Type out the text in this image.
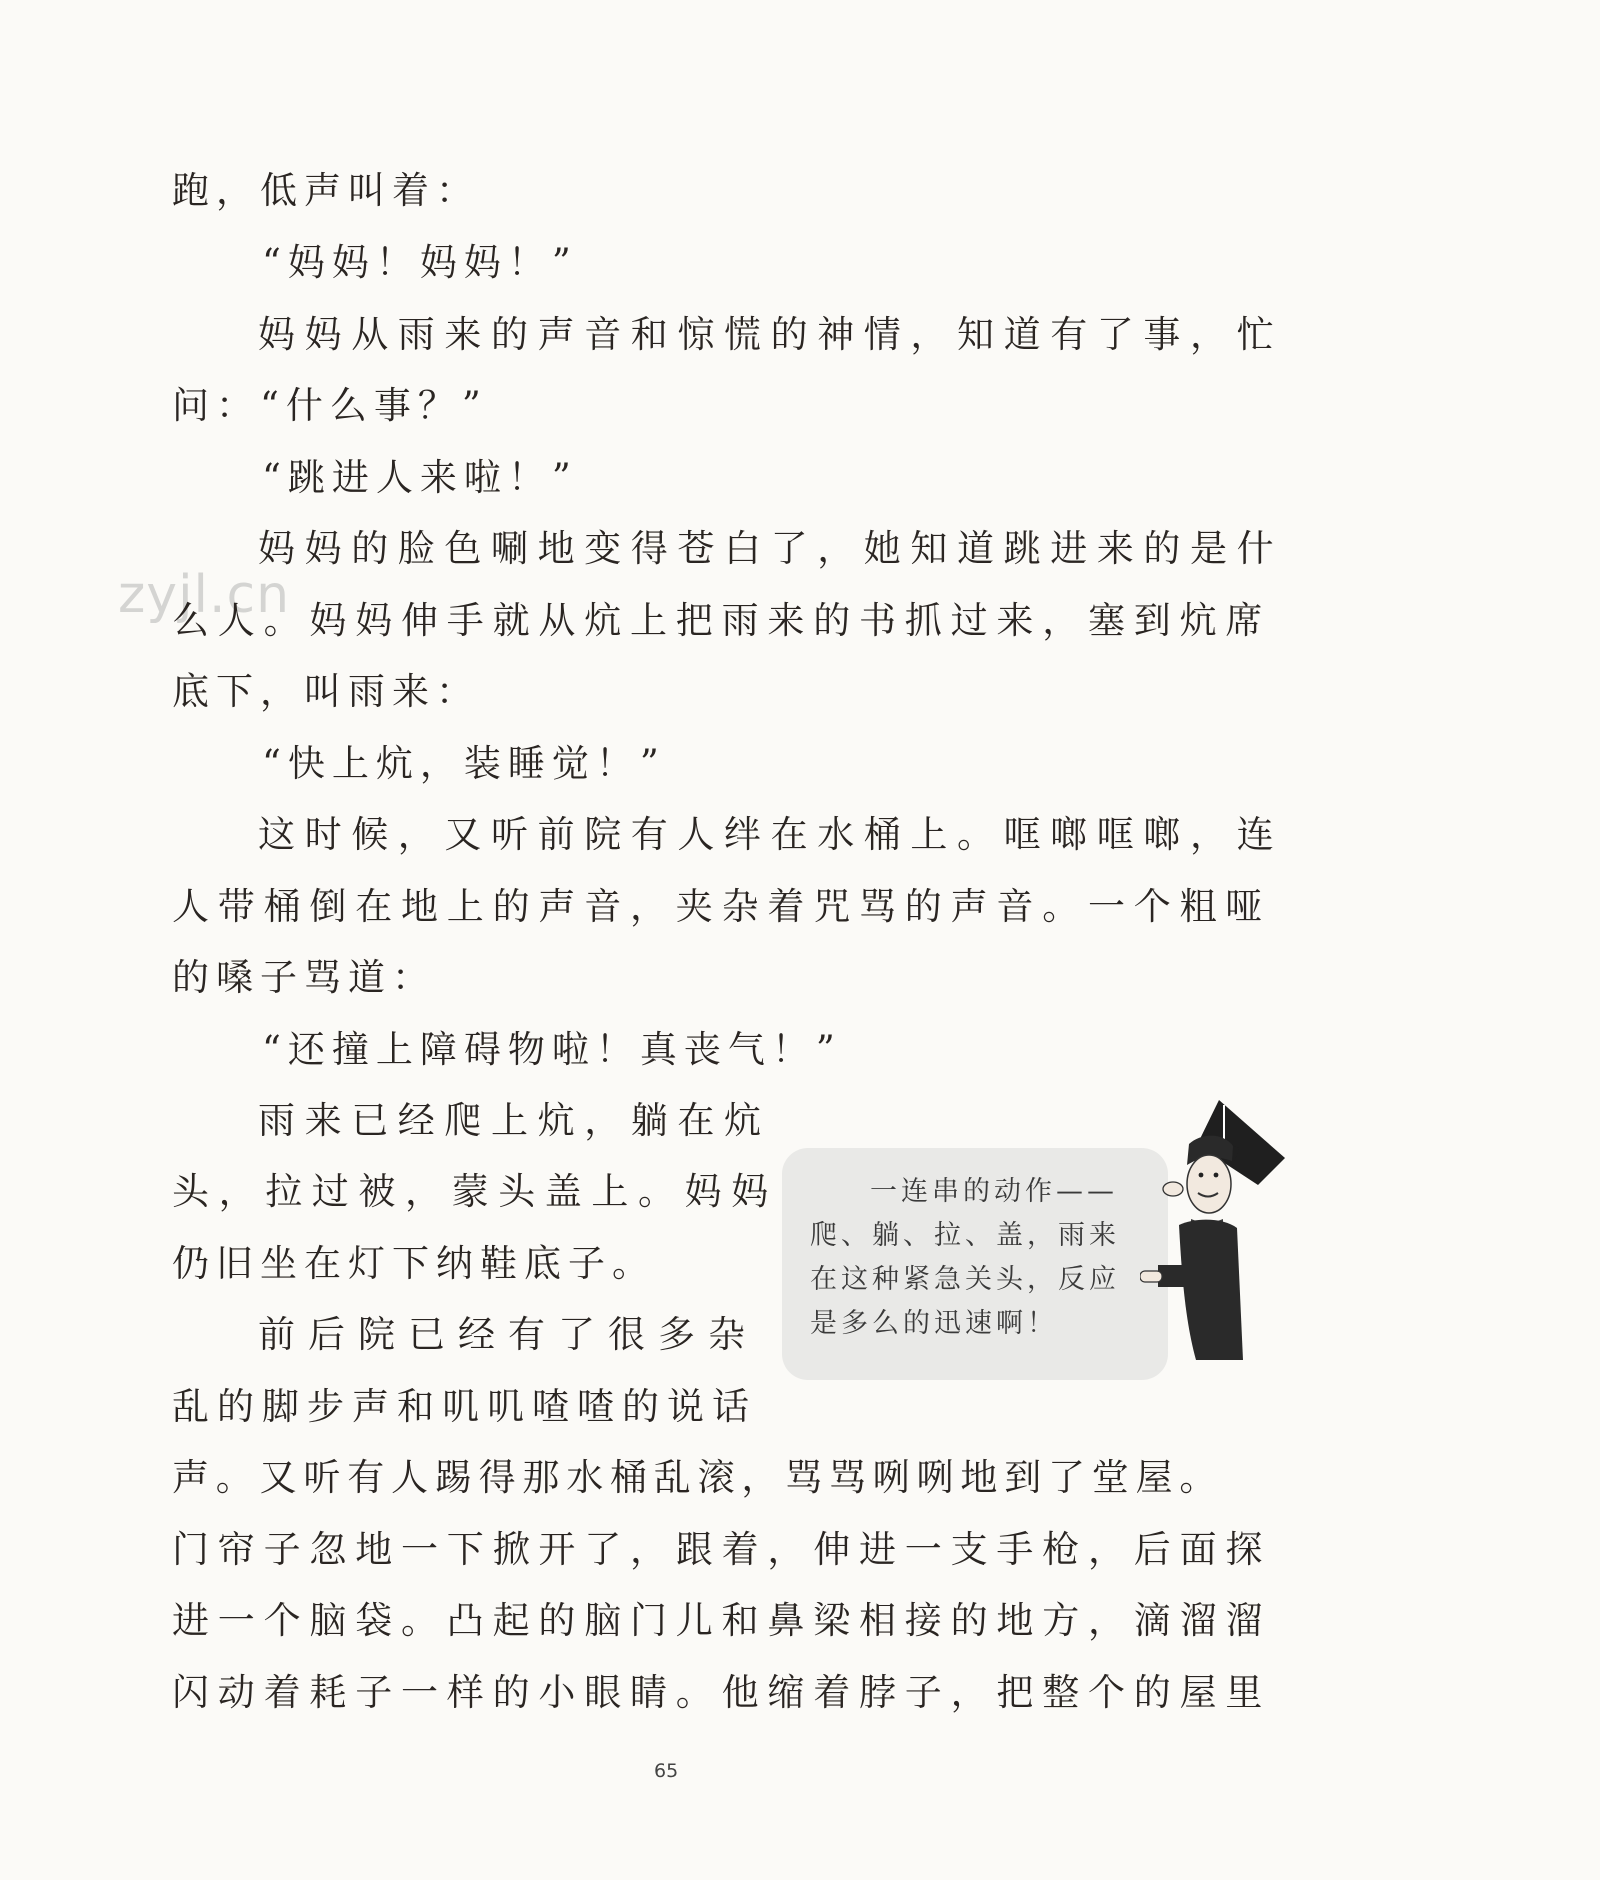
zyjl.cn
跑，低声叫着：
“妈妈！妈妈！”
妈妈从雨来的声音和惊慌的神情，知道有了事，忙
问：“什么事？”
“跳进人来啦！”
妈妈的脸色唰地变得苍白了，她知道跳进来的是什
么人。妈妈伸手就从炕上把雨来的书抓过来，塞到炕席
底下，叫雨来：
“快上炕，装睡觉！”
这时候，又听前院有人绊在水桶上。哐啷哐啷，连
人带桶倒在地上的声音，夹杂着咒骂的声音。一个粗哑
的嗓子骂道：
“还撞上障碍物啦！真丧气！”
雨来已经爬上炕，躺在炕
头，拉过被，蒙头盖上。妈妈
仍旧坐在灯下纳鞋底子。
前后院已经有了很多杂
乱的脚步声和叽叽喳喳的说话
声。又听有人踢得那水桶乱滚，骂骂咧咧地到了堂屋。
门帘子忽地一下掀开了，跟着，伸进一支手枪，后面探
进一个脑袋。凸起的脑门儿和鼻梁相接的地方，滴溜溜
闪动着耗子一样的小眼睛。他缩着脖子，把整个的屋里
一连串的动作——
爬、躺、拉、盖，雨来
在这种紧急关头，反应
是多么的迅速啊！
65
